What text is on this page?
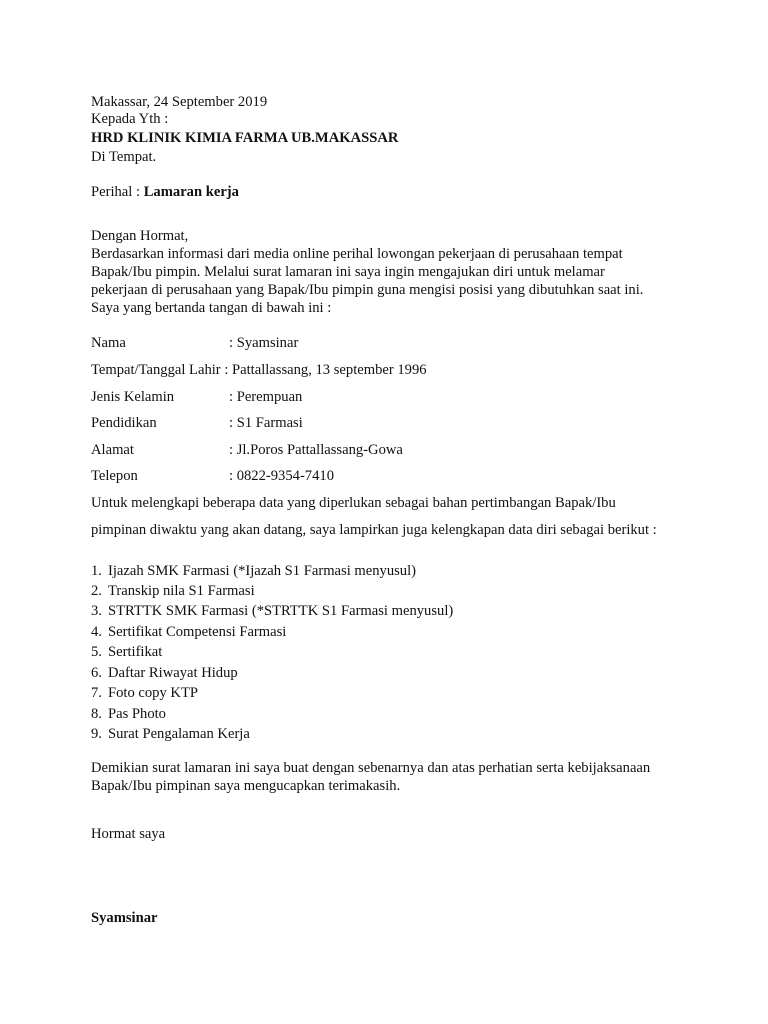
Makassar, 24 September 2019
Kepada Yth :
HRD KLINIK KIMIA FARMA UB.MAKASSAR
Di Tempat.
Perihal : Lamaran kerja
Dengan Hormat,
Berdasarkan informasi dari media online perihal lowongan pekerjaan di perusahaan tempat
Bapak/Ibu pimpin. Melalui surat lamaran ini saya ingin mengajukan diri untuk melamar
pekerjaan di perusahaan yang Bapak/Ibu pimpin guna mengisi posisi yang dibutuhkan saat ini.
Saya yang bertanda tangan di bawah ini :
Nama	: Syamsinar
Tempat/Tanggal Lahir : Pattallassang, 13 september 1996
Jenis Kelamin	: Perempuan
Pendidikan	: S1 Farmasi
Alamat	: Jl.Poros Pattallassang-Gowa
Telepon	: 0822-9354-7410
Untuk melengkapi beberapa data yang diperlukan sebagai bahan pertimbangan Bapak/Ibu
pimpinan diwaktu yang akan datang, saya lampirkan juga kelengkapan data diri sebagai berikut :
1. Ijazah SMK Farmasi (*Ijazah S1 Farmasi menyusul)
2. Transkip nila S1 Farmasi
3. STRTTK SMK Farmasi (*STRTTK S1 Farmasi menyusul)
4. Sertifikat Competensi Farmasi
5. Sertifikat
6. Daftar Riwayat Hidup
7. Foto copy KTP
8. Pas Photo
9. Surat Pengalaman Kerja
Demikian surat lamaran ini saya buat dengan sebenarnya dan atas perhatian serta kebijaksanaan
Bapak/Ibu pimpinan saya mengucapkan terimakasih.
Hormat saya
Syamsinar
